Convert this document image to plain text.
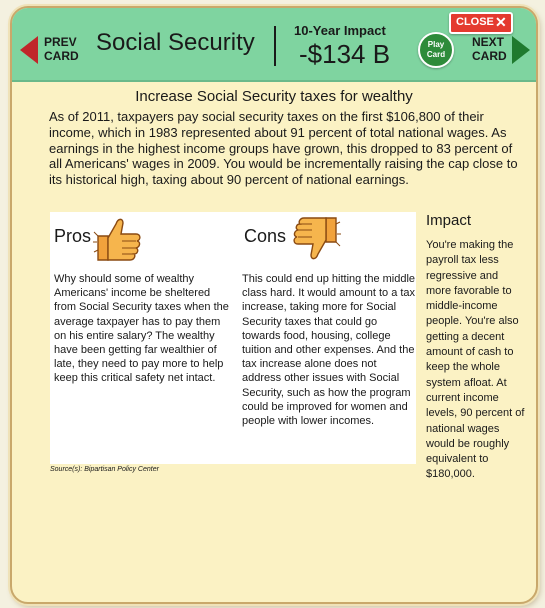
PREV
CARD Social Security	10-Year Impact
-$134 B	Play
Card
NEXT
CARD
CLOSE ✕
Increase Social Security taxes for wealthy
As of 2011, taxpayers pay social security taxes on the first $106,800 of their income, which in 1983 represented about 91 percent of total national wages. As earnings in the highest income groups have grown, this dropped to 83 percent of all Americans' wages in 2009. You would be incrementally raising the cap close to its historical high, taxing about 90 percent of national earnings.
Pros
Why should some of wealthy Americans' income be sheltered from Social Security taxes when the average taxpayer has to pay them on his entire salary? The wealthy have been getting far wealthier of late, they need to pay more to help keep this critical safety net intact.
Cons
This could end up hitting the middle class hard. It would amount to a tax increase, taking more for Social Security taxes that could go towards food, housing, college tuition and other expenses. And the tax increase alone does not address other issues with Social Security, such as how the program could be improved for women and people with lower incomes.
Source(s): Bipartisan Policy Center
Impact
You're making the payroll tax less regressive and more favorable to middle-income people. You're also getting a decent amount of cash to keep the whole system afloat. At current income levels, 90 percent of national wages would be roughly equivalent to $180,000.
